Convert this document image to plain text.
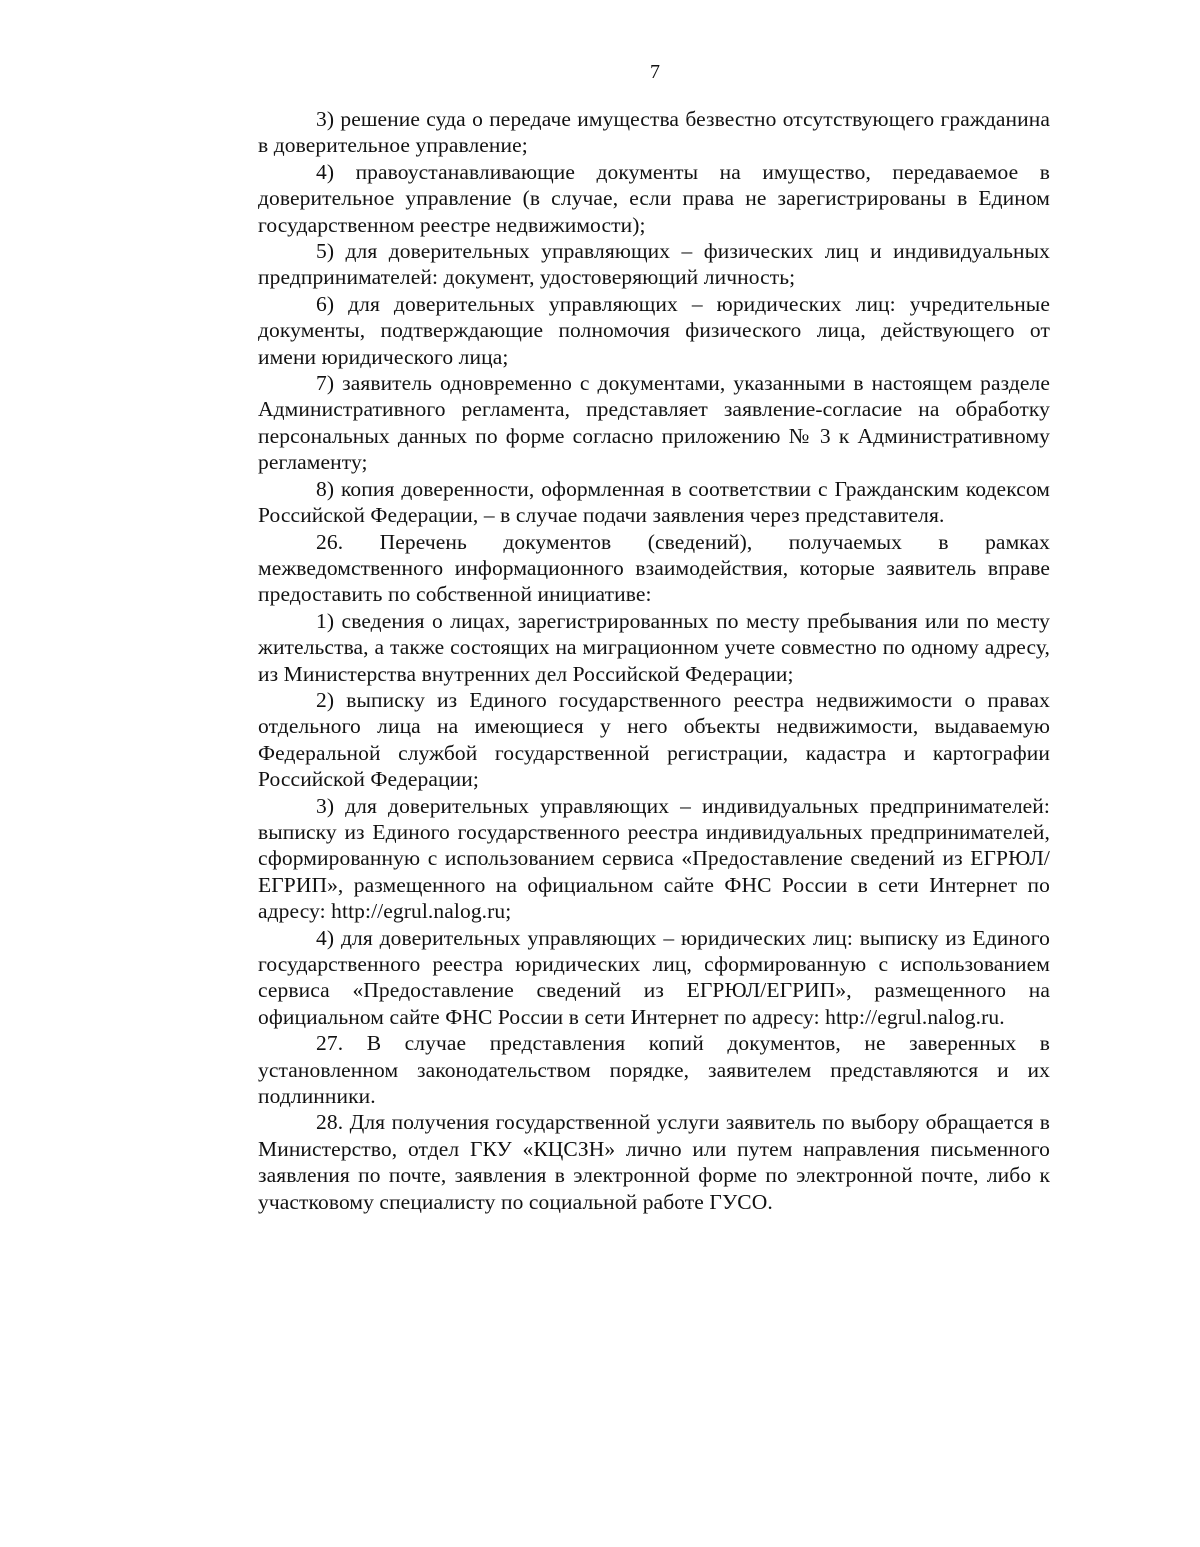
7

3) решение суда о передаче имущества безвестно отсутствующего гражданина в доверительное управление;

4) правоустанавливающие документы на имущество, передаваемое в доверительное управление (в случае, если права не зарегистрированы в Едином государственном реестре недвижимости);

5) для доверительных управляющих – физических лиц и индивидуальных предпринимателей: документ, удостоверяющий личность;

6) для доверительных управляющих – юридических лиц: учредительные документы, подтверждающие полномочия физического лица, действующего от имени юридического лица;

7) заявитель одновременно с документами, указанными в настоящем разделе Административного регламента, представляет заявление-согласие на обработку персональных данных по форме согласно приложению № 3 к Административному регламенту;

8) копия доверенности, оформленная в соответствии с Гражданским кодексом Российской Федерации, – в случае подачи заявления через представителя.

26. Перечень документов (сведений), получаемых в рамках межведомственного информационного взаимодействия, которые заявитель вправе предоставить по собственной инициативе:

1) сведения о лицах, зарегистрированных по месту пребывания или по месту жительства, а также состоящих на миграционном учете совместно по одному адресу, из Министерства внутренних дел Российской Федерации;

2) выписку из Единого государственного реестра недвижимости о правах отдельного лица на имеющиеся у него объекты недвижимости, выдаваемую Федеральной службой государственной регистрации, кадастра и картографии Российской Федерации;

3) для доверительных управляющих – индивидуальных предпринимателей: выписку из Единого государственного реестра индивидуальных предпринимателей, сформированную с использованием сервиса «Предоставление сведений из ЕГРЮЛ/ЕГРИП», размещенного на официальном сайте ФНС России в сети Интернет по адресу: http://egrul.nalog.ru;

4) для доверительных управляющих – юридических лиц: выписку из Единого государственного реестра юридических лиц, сформированную с использованием сервиса «Предоставление сведений из ЕГРЮЛ/ЕГРИП», размещенного на официальном сайте ФНС России в сети Интернет по адресу: http://egrul.nalog.ru.

27. В случае представления копий документов, не заверенных в установленном законодательством порядке, заявителем представляются и их подлинники.

28. Для получения государственной услуги заявитель по выбору обращается в Министерство, отдел ГКУ «КЦСЗН» лично или путем направления письменного заявления по почте, заявления в электронной форме по электронной почте, либо к участковому специалисту по социальной работе ГУСО.
